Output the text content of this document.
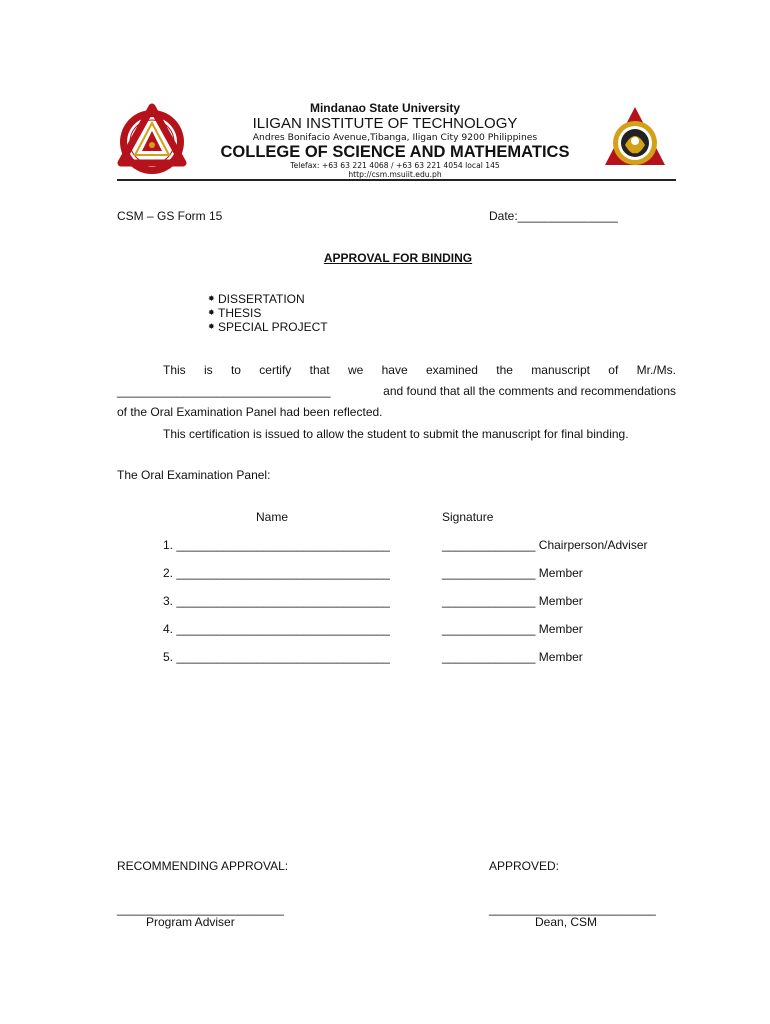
Mindanao State University
ILIGAN INSTITUTE OF TECHNOLOGY
Andres Bonifacio Avenue,Tibanga, Iligan City 9200 Philippines
COLLEGE OF SCIENCE AND MATHEMATICS
Telefax: +63 63 221 4068 / +63 63 221 4054 local 145
http://csm.msuiit.edu.ph
CSM – GS Form 15	Date:_______________
APPROVAL FOR BINDING
✸ DISSERTATION
✸ THESIS
✸ SPECIAL PROJECT
This is to certify that we have examined the manuscript of Mr./Ms.
________________________________	and found that all the comments and recommendations
of the Oral Examination Panel had been reflected.
This certification is issued to allow the student to submit the manuscript for final binding.
The Oral Examination Panel:
Name	Signature
1. ________________________________	______________ Chairperson/Adviser
2. ________________________________	______________ Member
3. ________________________________	______________ Member
4. ________________________________	______________ Member
5. ________________________________	______________ Member
RECOMMENDING APPROVAL:	APPROVED:
_________________________
Program Adviser
_________________________
Dean, CSM
